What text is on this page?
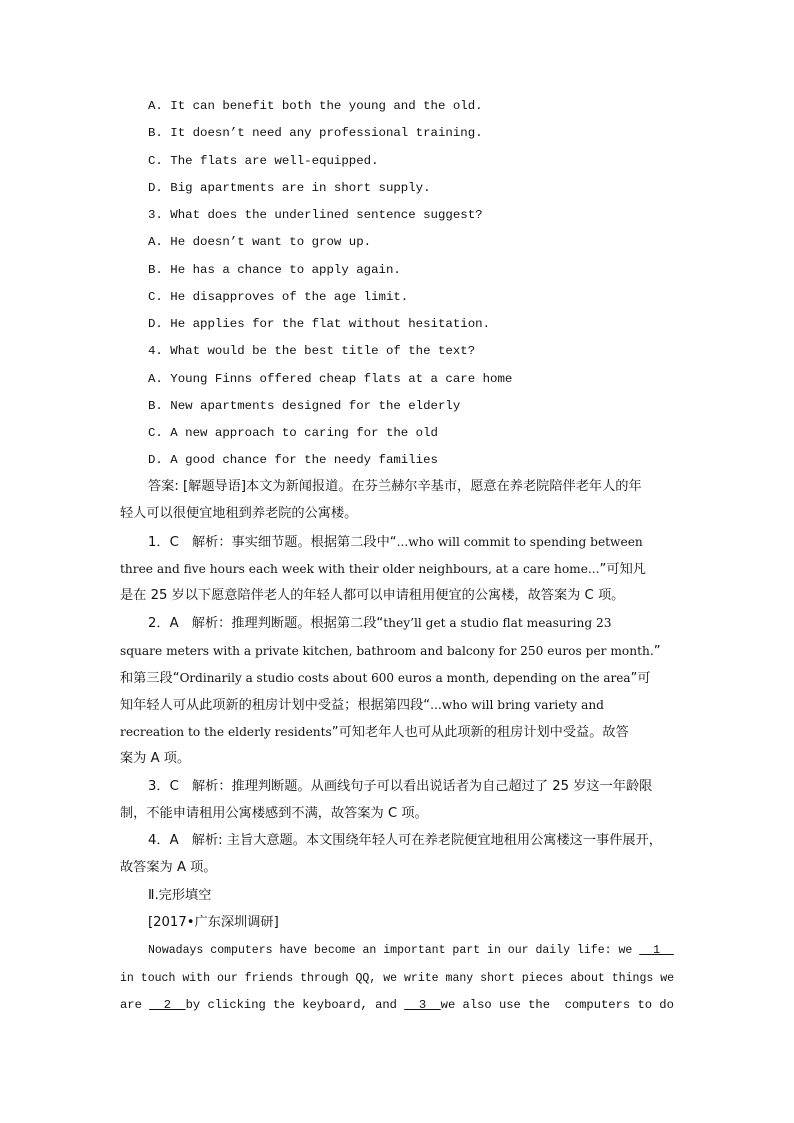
A. It can benefit both the young and the old.
B. It doesn’t need any professional training.
C. The flats are well-equipped.
D. Big apartments are in short supply.
3. What does the underlined sentence suggest?
A. He doesn’t want to grow up.
B. He has a chance to apply again.
C. He disapproves of the age limit.
D. He applies for the flat without hesitation.
4. What would be the best title of the text?
A. Young Finns offered cheap flats at a care home
B. New apartments designed for the elderly
C. A new approach to caring for the old
D. A good chance for the needy families
答案: [解题导语]本文为新闻报道。在芬兰赫尔辛基市，愿意在养老院陪伴老年人的年
轻人可以很便宜地租到养老院的公寓楼。
1．C　解析：事实细节题。根据第二段中“...who will commit to spending between
three and five hours each week with their older neighbours, at a care home...”可知凡
是在 25 岁以下愿意陪伴老人的年轻人都可以申请租用便宜的公寓楼，故答案为 C 项。
2．A　解析：推理判断题。根据第二段“they’ll get a studio flat measuring 23
square meters with a private kitchen, bathroom and balcony for 250 euros per month.”
和第三段“Ordinarily a studio costs about 600 euros a month, depending on the area”可
知年轻人可从此项新的租房计划中受益；根据第四段“...who will bring variety and
recreation to the elderly residents”可知老年人也可从此项新的租房计划中受益。故答
案为 A 项。
3．C　解析：推理判断题。从画线句子可以看出说话者为自己超过了 25 岁这一年龄限
制，不能申请租用公寓楼感到不满，故答案为 C 项。
4．A　解析: 主旨大意题。本文围绕年轻人可在养老院便宜地租用公寓楼这一事件展开，
故答案为 A 项。
Ⅱ.完形填空
[2017•广东深圳调研]
Nowadays computers have become an important part in our daily life: we   1
in touch with our friends through QQ, we write many short pieces about things we
are   2  by clicking the keyboard, and   3  we also use the  computers to do
